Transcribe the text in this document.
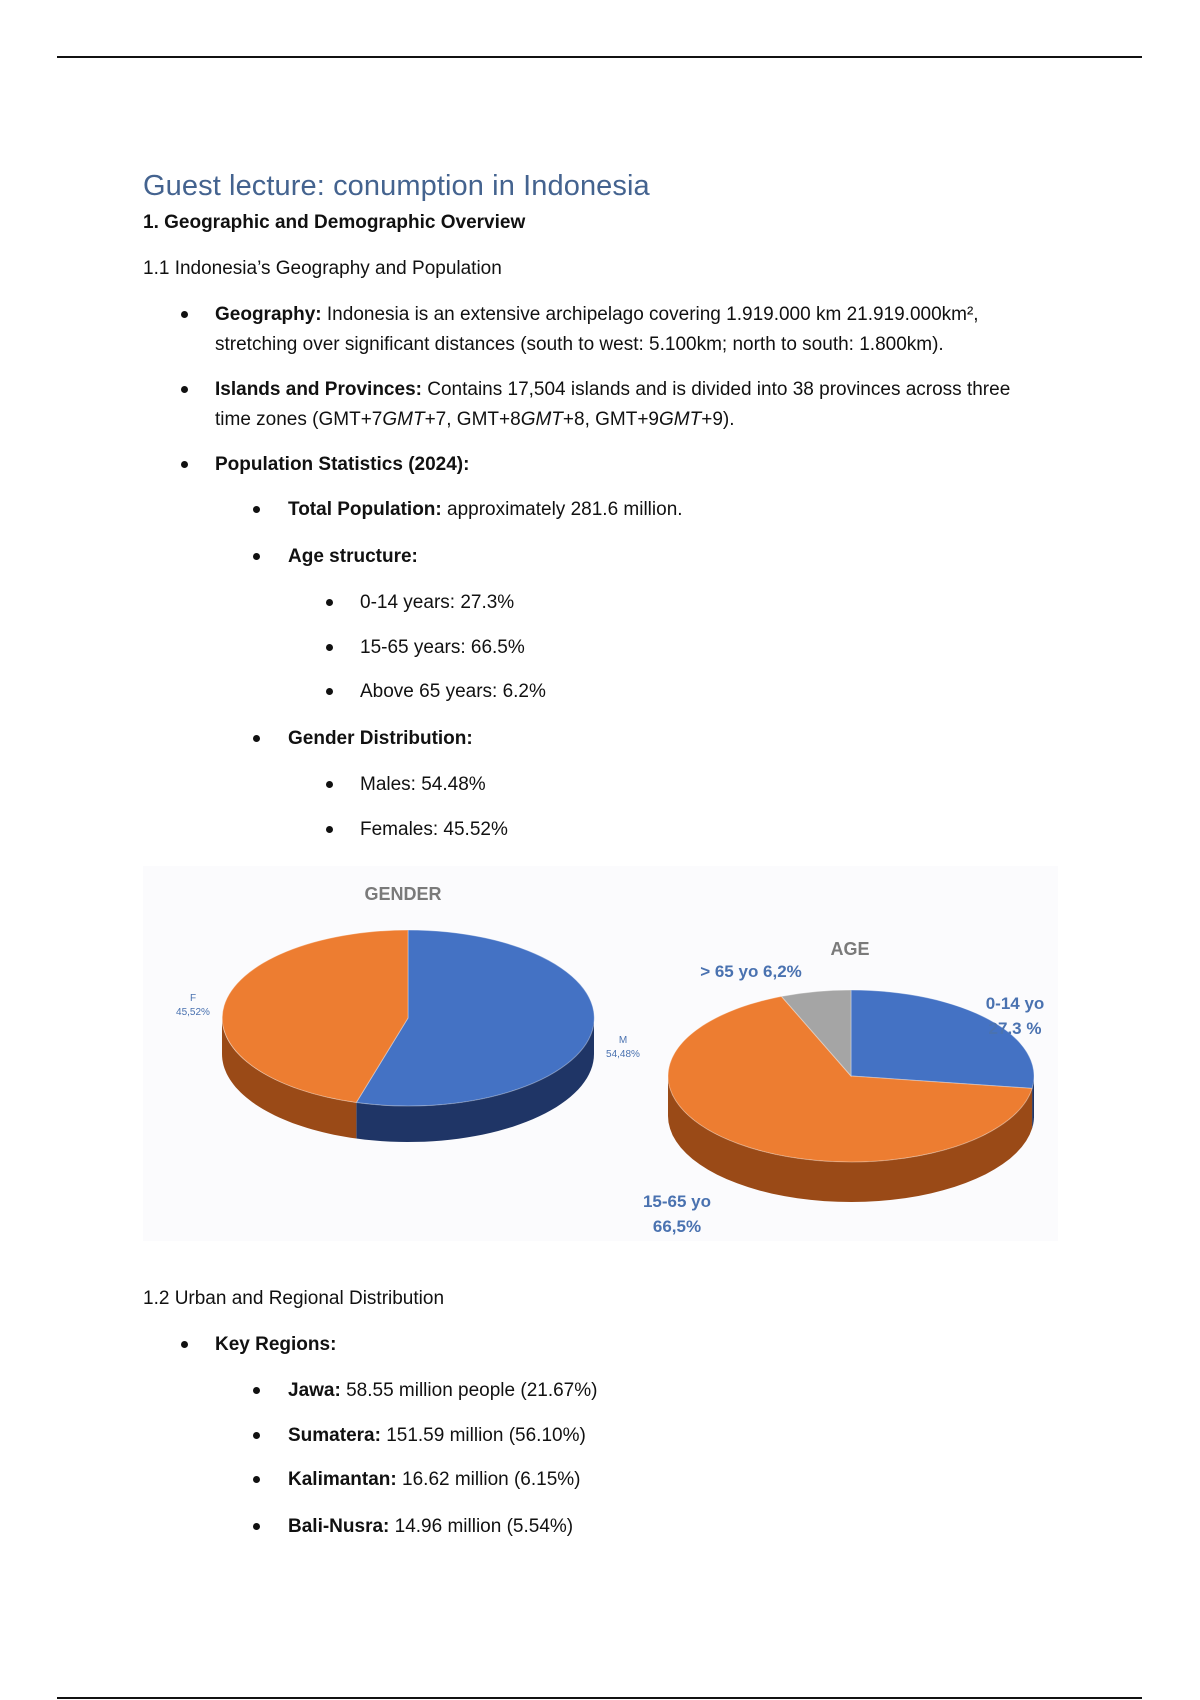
Guest lecture: conumption in Indonesia
1. Geographic and Demographic Overview
1.1 Indonesia’s Geography and Population
Geography: Indonesia is an extensive archipelago covering 1.919.000 km 21.919.000km²,
stretching over significant distances (south to west: 5.100km; north to south: 1.800km).
Islands and Provinces: Contains 17,504 islands and is divided into 38 provinces across three
time zones (GMT+7GMT+7, GMT+8GMT+8, GMT+9GMT+9).
Population Statistics (2024):
Total Population: approximately 281.6 million.
Age structure:
0-14 years: 27.3%
15-65 years: 66.5%
Above 65 years: 6.2%
Gender Distribution:
Males: 54.48%
Females: 45.52%
GENDER
M
54,48%
F
45,52%
AGE
0-14 yo
27.3 %
15-65 yo
66,5%
> 65 yo 6,2%
1.2 Urban and Regional Distribution
Key Regions:
Jawa: 58.55 million people (21.67%)
Sumatera: 151.59 million (56.10%)
Kalimantan: 16.62 million (6.15%)
Bali-Nusra: 14.96 million (5.54%)
